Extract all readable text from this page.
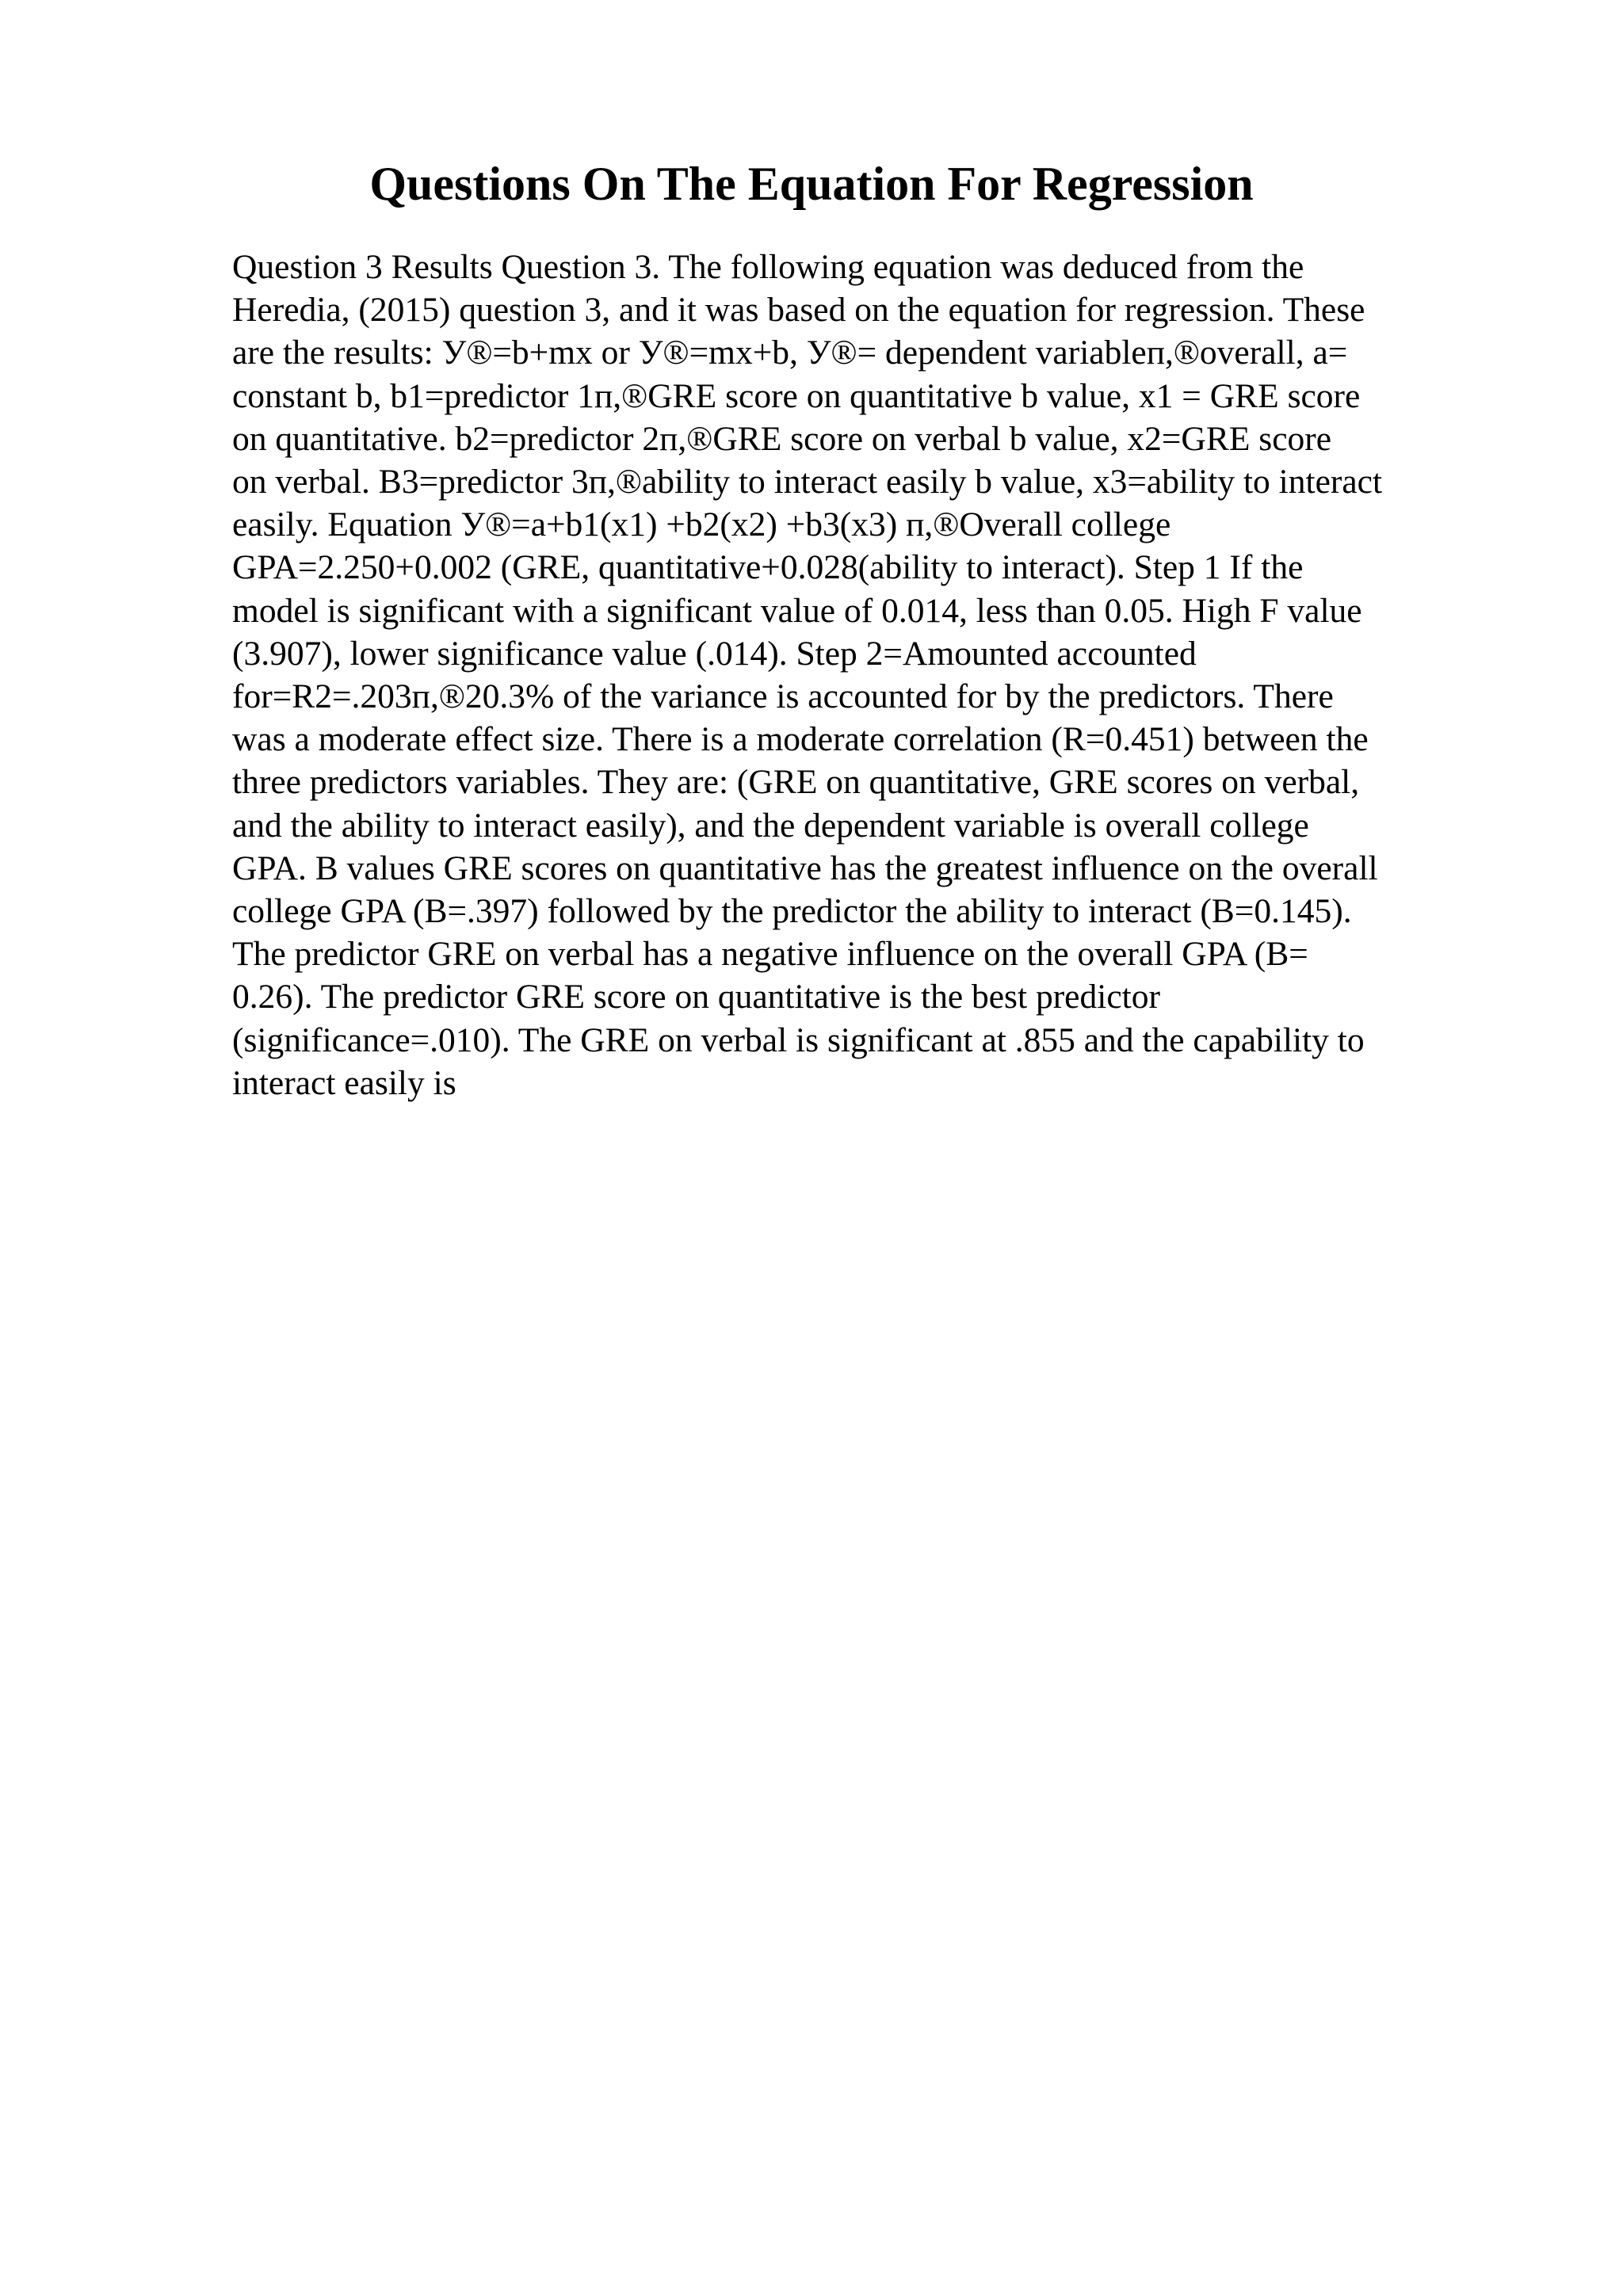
Questions On The Equation For Regression
Question 3 Results Question 3. The following equation was deduced from the
Heredia, (2015) question 3, and it was based on the equation for regression. These
are the results: У®=b+mx or У®=mx+b, У®= dependent variableп,®overall, a=
constant b, b1=predictor 1п,®GRE score on quantitative b value, x1 = GRE score
on quantitative. b2=predictor 2п,®GRE score on verbal b value, x2=GRE score
on verbal. B3=predictor 3п,®ability to interact easily b value, x3=ability to interact
easily. Equation У®=a+b1(x1) +b2(x2) +b3(x3) п,®Overall college
GPA=2.250+0.002 (GRE, quantitative+0.028(ability to interact). Step 1 If the
model is significant with a significant value of 0.014, less than 0.05. High F value
(3.907), lower significance value (.014). Step 2=Amounted accounted
for=R2=.203п,®20.3% of the variance is accounted for by the predictors. There
was a moderate effect size. There is a moderate correlation (R=0.451) between the
three predictors variables. They are: (GRE on quantitative, GRE scores on verbal,
and the ability to interact easily), and the dependent variable is overall college
GPA. B values GRE scores on quantitative has the greatest influence on the overall
college GPA (B=.397) followed by the predictor the ability to interact (B=0.145).
The predictor GRE on verbal has a negative influence on the overall GPA (B=
0.26). The predictor GRE score on quantitative is the best predictor
(significance=.010). The GRE on verbal is significant at .855 and the capability to
interact easily is
